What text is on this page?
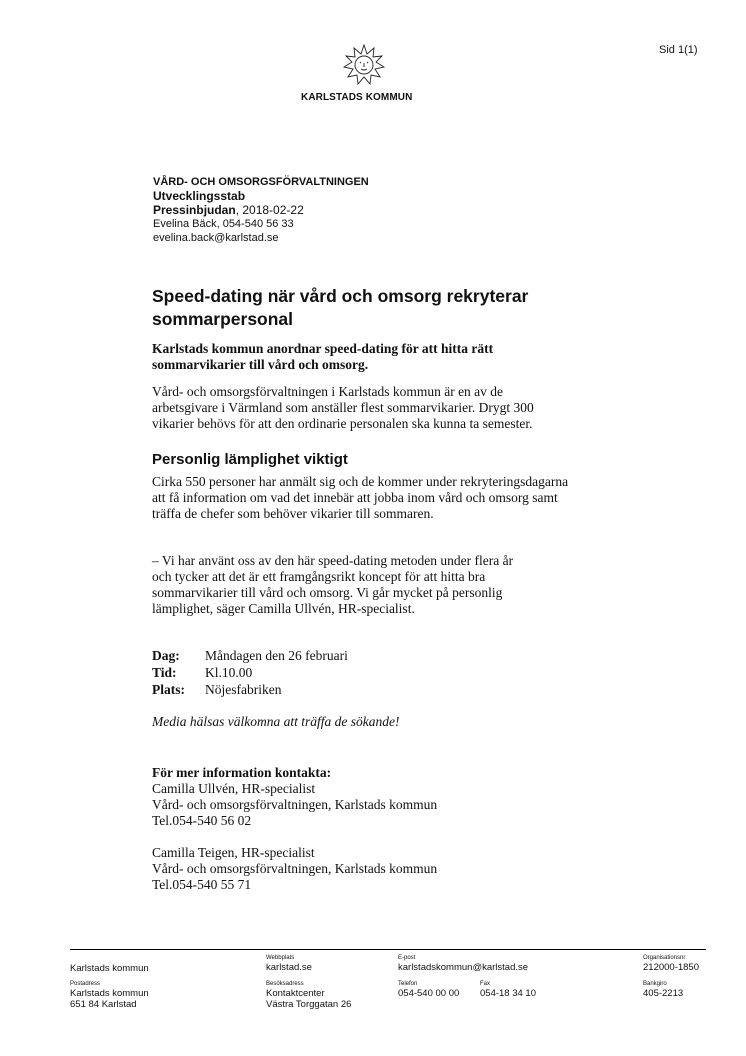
Sid 1(1)
KARLSTADS KOMMUN
VÅRD- OCH OMSORGSFÖRVALTNINGEN
Utvecklingsstab
Pressinbjudan, 2018-02-22
Evelina Bäck, 054-540 56 33
evelina.back@karlstad.se
Speed-dating när vård och omsorg rekryterar
sommarpersonal
Karlstads kommun anordnar speed-dating för att hitta rätt
sommarvikarier till vård och omsorg.
Vård- och omsorgsförvaltningen i Karlstads kommun är en av de
arbetsgivare i Värmland som anställer flest sommarvikarier. Drygt 300
vikarier behövs för att den ordinarie personalen ska kunna ta semester.
Personlig lämplighet viktigt
Cirka 550 personer har anmält sig och de kommer under rekryteringsdagarna
att få information om vad det innebär att jobba inom vård och omsorg samt
träffa de chefer som behöver vikarier till sommaren.
– Vi har använt oss av den här speed-dating metoden under flera år
och tycker att det är ett framgångsrikt koncept för att hitta bra
sommarvikarier till vård och omsorg. Vi går mycket på personlig
lämplighet, säger Camilla Ullvén, HR-specialist.
Dag:	Måndagen den 26 februari
Tid:	Kl.10.00
Plats:	Nöjesfabriken
Media hälsas välkomna att träffa de sökande!
För mer information kontakta:
Camilla Ullvén, HR-specialist
Vård- och omsorgsförvaltningen, Karlstads kommun
Tel.054-540 56 02
Camilla Teigen, HR-specialist
Vård- och omsorgsförvaltningen, Karlstads kommun
Tel.054-540 55 71
Karlstads kommun
Webbplats
karlstad.se
E-post
karlstadskommun@karlstad.se
Organisationsnr
212000-1850
Postadress
Karlstads kommun
651 84 Karlstad
Besöksadress
Kontaktcenter
Västra Torggatan 26
Telefon
054-540 00 00
Fax
054-18 34 10
Bankgiro
405-2213
